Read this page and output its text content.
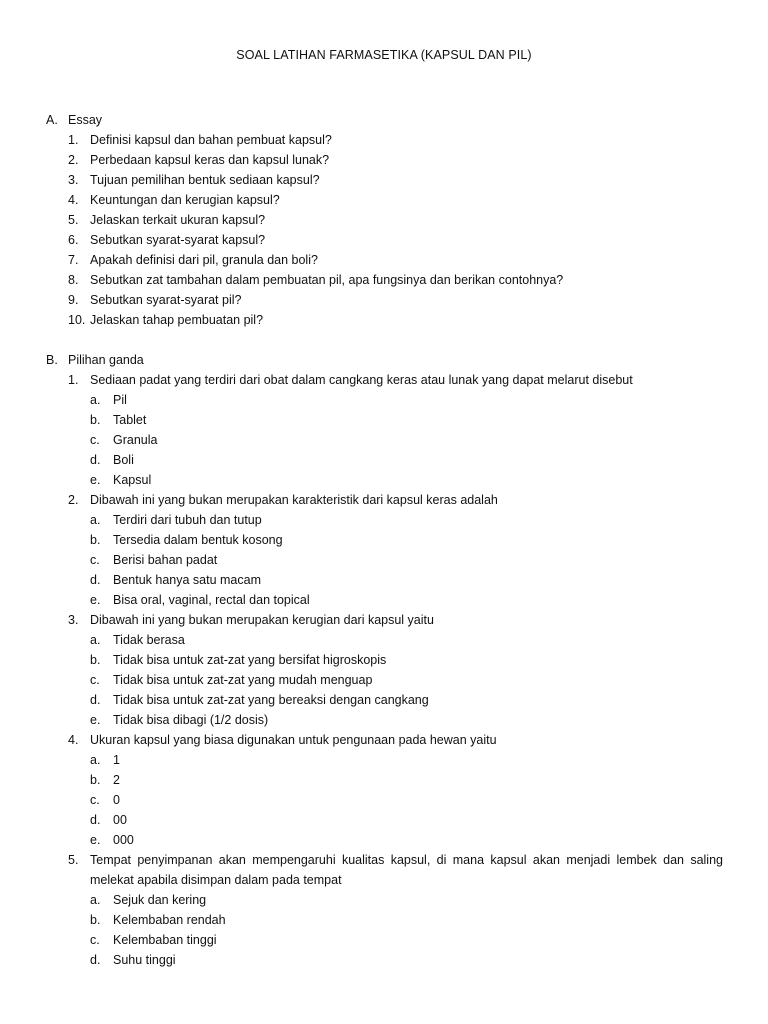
SOAL LATIHAN FARMASETIKA (KAPSUL DAN PIL)
A. Essay
1. Definisi kapsul dan bahan pembuat kapsul?
2. Perbedaan kapsul keras dan kapsul lunak?
3. Tujuan pemilihan bentuk sediaan kapsul?
4. Keuntungan dan kerugian kapsul?
5. Jelaskan terkait ukuran kapsul?
6. Sebutkan syarat-syarat kapsul?
7. Apakah definisi dari pil, granula dan boli?
8. Sebutkan zat tambahan dalam pembuatan pil, apa fungsinya dan berikan contohnya?
9. Sebutkan syarat-syarat pil?
10. Jelaskan tahap pembuatan pil?
B. Pilihan ganda
1. Sediaan padat yang terdiri dari obat dalam cangkang keras atau lunak yang dapat melarut disebut
a. Pil
b. Tablet
c. Granula
d. Boli
e. Kapsul
2. Dibawah ini yang bukan merupakan karakteristik dari kapsul keras adalah
a. Terdiri dari tubuh dan tutup
b. Tersedia dalam bentuk kosong
c. Berisi bahan padat
d. Bentuk hanya satu macam
e. Bisa oral, vaginal, rectal dan topical
3. Dibawah ini yang bukan merupakan kerugian dari kapsul yaitu
a. Tidak berasa
b. Tidak bisa untuk zat-zat yang bersifat higroskopis
c. Tidak bisa untuk zat-zat yang mudah menguap
d. Tidak bisa untuk zat-zat yang bereaksi dengan cangkang
e. Tidak bisa dibagi (1/2 dosis)
4. Ukuran kapsul yang biasa digunakan untuk pengunaan pada hewan yaitu
a. 1
b. 2
c. 0
d. 00
e. 000
5. Tempat penyimpanan akan mempengaruhi kualitas kapsul, di mana kapsul akan menjadi lembek dan saling
melekat apabila disimpan dalam pada tempat
a. Sejuk dan kering
b. Kelembaban rendah
c. Kelembaban tinggi
d. Suhu tinggi
